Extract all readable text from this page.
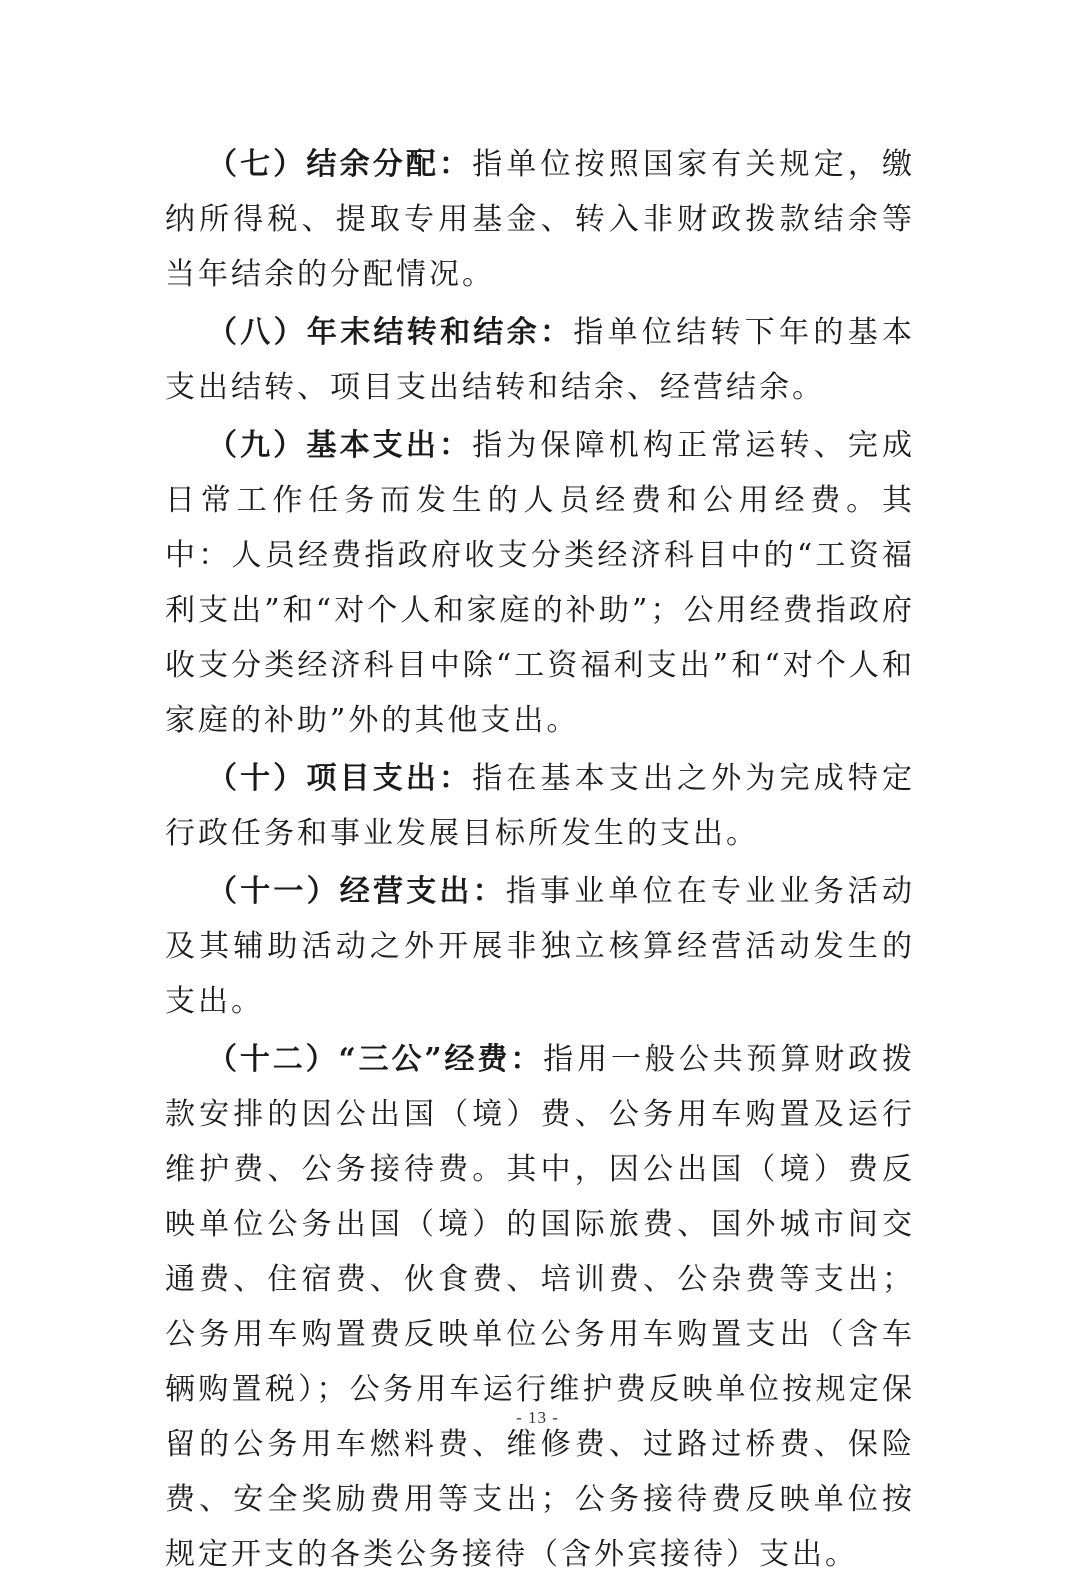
（七）结余分配：指单位按照国家有关规定，缴纳所得税、提取专用基金、转入非财政拨款结余等当年结余的分配情况。

（八）年末结转和结余：指单位结转下年的基本支出结转、项目支出结转和结余、经营结余。

（九）基本支出：指为保障机构正常运转、完成日常工作任务而发生的人员经费和公用经费。其中：人员经费指政府收支分类经济科目中的“工资福利支出”和“对个人和家庭的补助”；公用经费指政府收支分类经济科目中除“工资福利支出”和“对个人和家庭的补助”外的其他支出。

（十）项目支出：指在基本支出之外为完成特定行政任务和事业发展目标所发生的支出。

（十一）经营支出：指事业单位在专业业务活动及其辅助活动之外开展非独立核算经营活动发生的支出。

（十二）“三公”经费：指用一般公共预算财政拨款安排的因公出国（境）费、公务用车购置及运行维护费、公务接待费。其中，因公出国（境）费反映单位公务出国（境）的国际旅费、国外城市间交通费、住宿费、伙食费、培训费、公杂费等支出；公务用车购置费反映单位公务用车购置支出（含车辆购置税）；公务用车运行维护费反映单位按规定保留的公务用车燃料费、维修费、过路过桥费、保险费、安全奖励费用等支出；公务接待费反映单位按规定开支的各类公务接待（含外宾接待）支出。

- 13 -
